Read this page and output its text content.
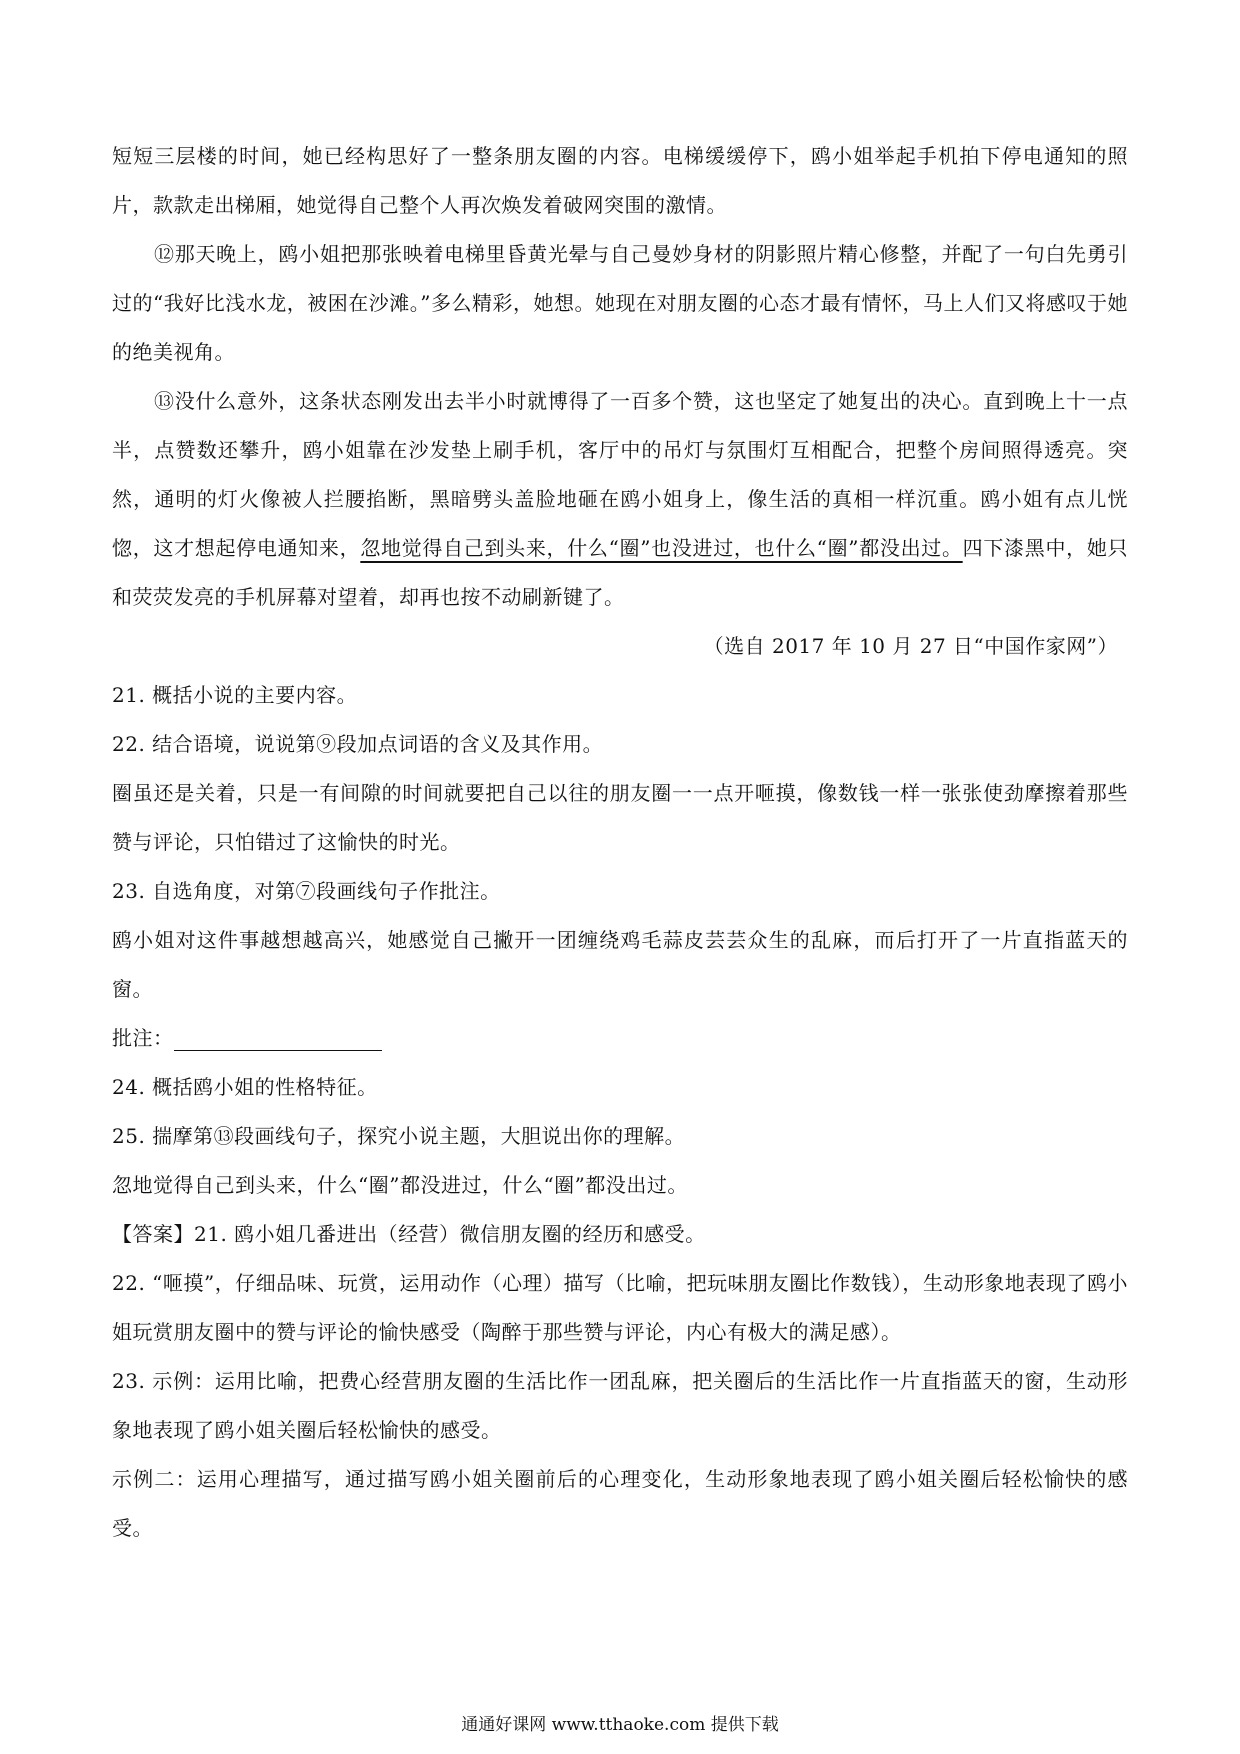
短短三层楼的时间，她已经构思好了一整条朋友圈的内容。电梯缓缓停下，鸥小姐举起手机拍下停电通知的照片，款款走出梯厢，她觉得自己整个人再次焕发着破网突围的激情。

⑫那天晚上，鸥小姐把那张映着电梯里昏黄光晕与自己曼妙身材的阴影照片精心修整，并配了一句白先勇引过的“我好比浅水龙，被困在沙滩。”多么精彩，她想。她现在对朋友圈的心态才最有情怀，马上人们又将感叹于她的绝美视角。

⑬没什么意外，这条状态刚发出去半小时就博得了一百多个赞，这也坚定了她复出的决心。直到晚上十一点半，点赞数还攀升，鸥小姐靠在沙发垫上刷手机，客厅中的吊灯与氛围灯互相配合，把整个房间照得透亮。突然，通明的灯火像被人拦腰掐断，黑暗劈头盖脸地砸在鸥小姐身上，像生活的真相一样沉重。鸥小姐有点儿恍惚，这才想起停电通知来，忽地觉得自己到头来，什么“圈”也没进过，也什么“圈”都没出过。四下漆黑中，她只和荧荧发亮的手机屏幕对望着，却再也按不动刷新键了。

（选自 2017 年 10 月 27 日“中国作家网”）

21. 概括小说的主要内容。

22. 结合语境，说说第⑨段加点词语的含义及其作用。

圈虽还是关着，只是一有间隙的时间就要把自己以往的朋友圈一一点开咂摸，像数钱一样一张张使劲摩擦着那些赞与评论，只怕错过了这愉快的时光。

23. 自选角度，对第⑦段画线句子作批注。

鸥小姐对这件事越想越高兴，她感觉自己撇开一团缠绕鸡毛蒜皮芸芸众生的乱麻，而后打开了一片直指蓝天的窗。

批注：

24. 概括鸥小姐的性格特征。

25. 揣摩第⑬段画线句子，探究小说主题，大胆说出你的理解。

忽地觉得自己到头来，什么“圈”都没进过，什么“圈”都没出过。

【答案】21. 鸥小姐几番进出（经营）微信朋友圈的经历和感受。

22. “咂摸”，仔细品味、玩赏，运用动作（心理）描写（比喻，把玩味朋友圈比作数钱），生动形象地表现了鸥小姐玩赏朋友圈中的赞与评论的愉快感受（陶醉于那些赞与评论，内心有极大的满足感）。

23. 示例：运用比喻，把费心经营朋友圈的生活比作一团乱麻，把关圈后的生活比作一片直指蓝天的窗，生动形象地表现了鸥小姐关圈后轻松愉快的感受。

示例二：运用心理描写，通过描写鸥小姐关圈前后的心理变化，生动形象地表现了鸥小姐关圈后轻松愉快的感受。

通通好课网 www.tthaoke.com 提供下载
